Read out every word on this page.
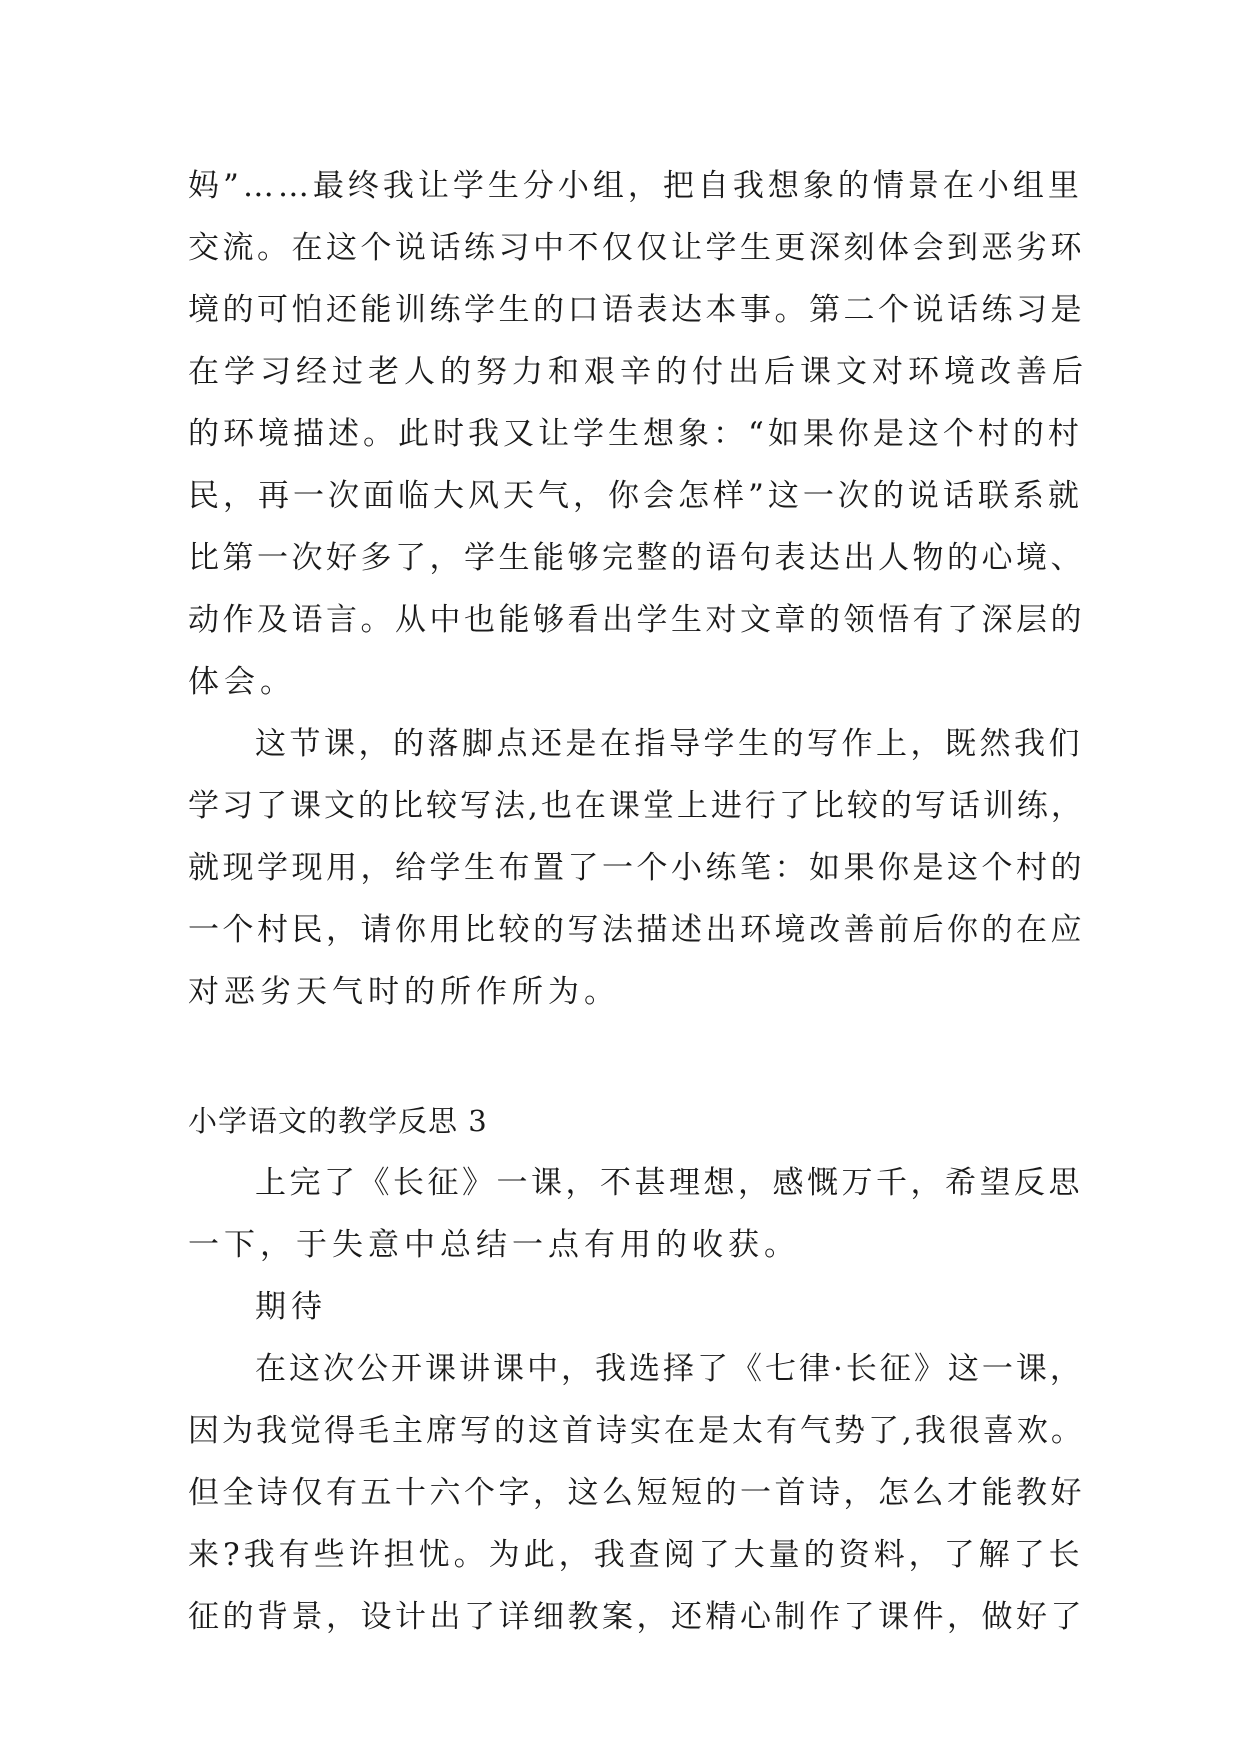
妈”……最终我让学生分小组，把自我想象的情景在小组里
交流。在这个说话练习中不仅仅让学生更深刻体会到恶劣环
境的可怕还能训练学生的口语表达本事。第二个说话练习是
在学习经过老人的努力和艰辛的付出后课文对环境改善后
的环境描述。此时我又让学生想象：“如果你是这个村的村
民，再一次面临大风天气，你会怎样”这一次的说话联系就
比第一次好多了，学生能够完整的语句表达出人物的心境、
动作及语言。从中也能够看出学生对文章的领悟有了深层的
体会。
这节课，的落脚点还是在指导学生的写作上，既然我们
学习了课文的比较写法,也在课堂上进行了比较的写话训练，
就现学现用，给学生布置了一个小练笔：如果你是这个村的
一个村民，请你用比较的写法描述出环境改善前后你的在应
对恶劣天气时的所作所为。
小学语文的教学反思 3
上完了《长征》一课，不甚理想，感慨万千，希望反思
一下，于失意中总结一点有用的收获。
期待
在这次公开课讲课中，我选择了《七律·长征》这一课，
因为我觉得毛主席写的这首诗实在是太有气势了,我很喜欢。
但全诗仅有五十六个字，这么短短的一首诗，怎么才能教好
来?我有些许担忧。为此，我查阅了大量的资料，了解了长
征的背景，设计出了详细教案，还精心制作了课件，做好了
